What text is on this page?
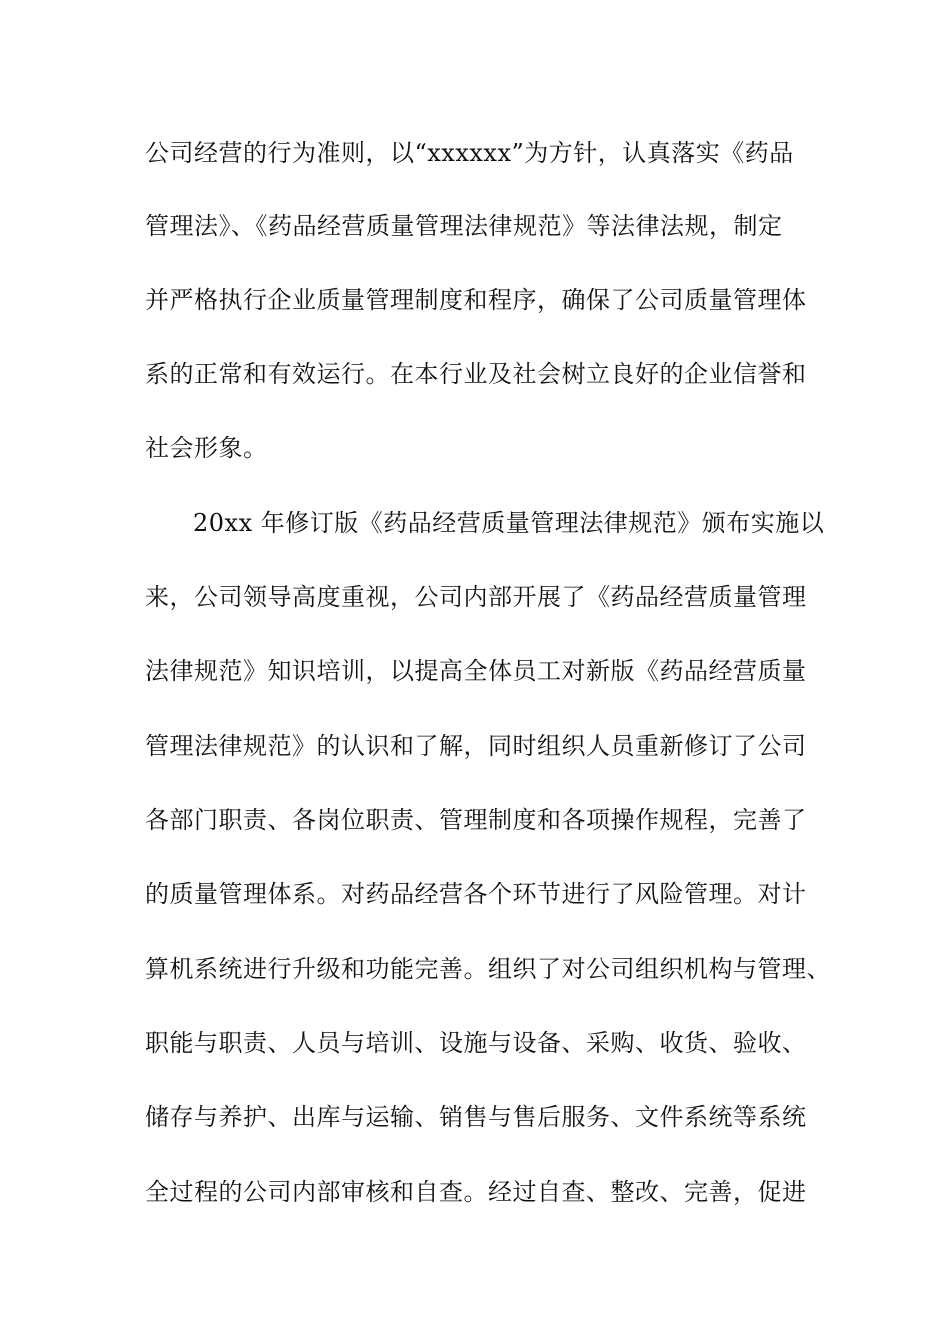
公司经营的行为准则，以“xxxxxx”为方针，认真落实《药品
管理法》、《药品经营质量管理法律规范》等法律法规，制定
并严格执行企业质量管理制度和程序，确保了公司质量管理体
系的正常和有效运行。在本行业及社会树立良好的企业信誉和
社会形象。
20xx 年修订版《药品经营质量管理法律规范》颁布实施以
来，公司领导高度重视，公司内部开展了《药品经营质量管理
法律规范》知识培训，以提高全体员工对新版《药品经营质量
管理法律规范》的认识和了解，同时组织人员重新修订了公司
各部门职责、各岗位职责、管理制度和各项操作规程，完善了
的质量管理体系。对药品经营各个环节进行了风险管理。对计
算机系统进行升级和功能完善。组织了对公司组织机构与管理、
职能与职责、人员与培训、设施与设备、采购、收货、验收、
储存与养护、出库与运输、销售与售后服务、文件系统等系统
全过程的公司内部审核和自查。经过自查、整改、完善，促进
